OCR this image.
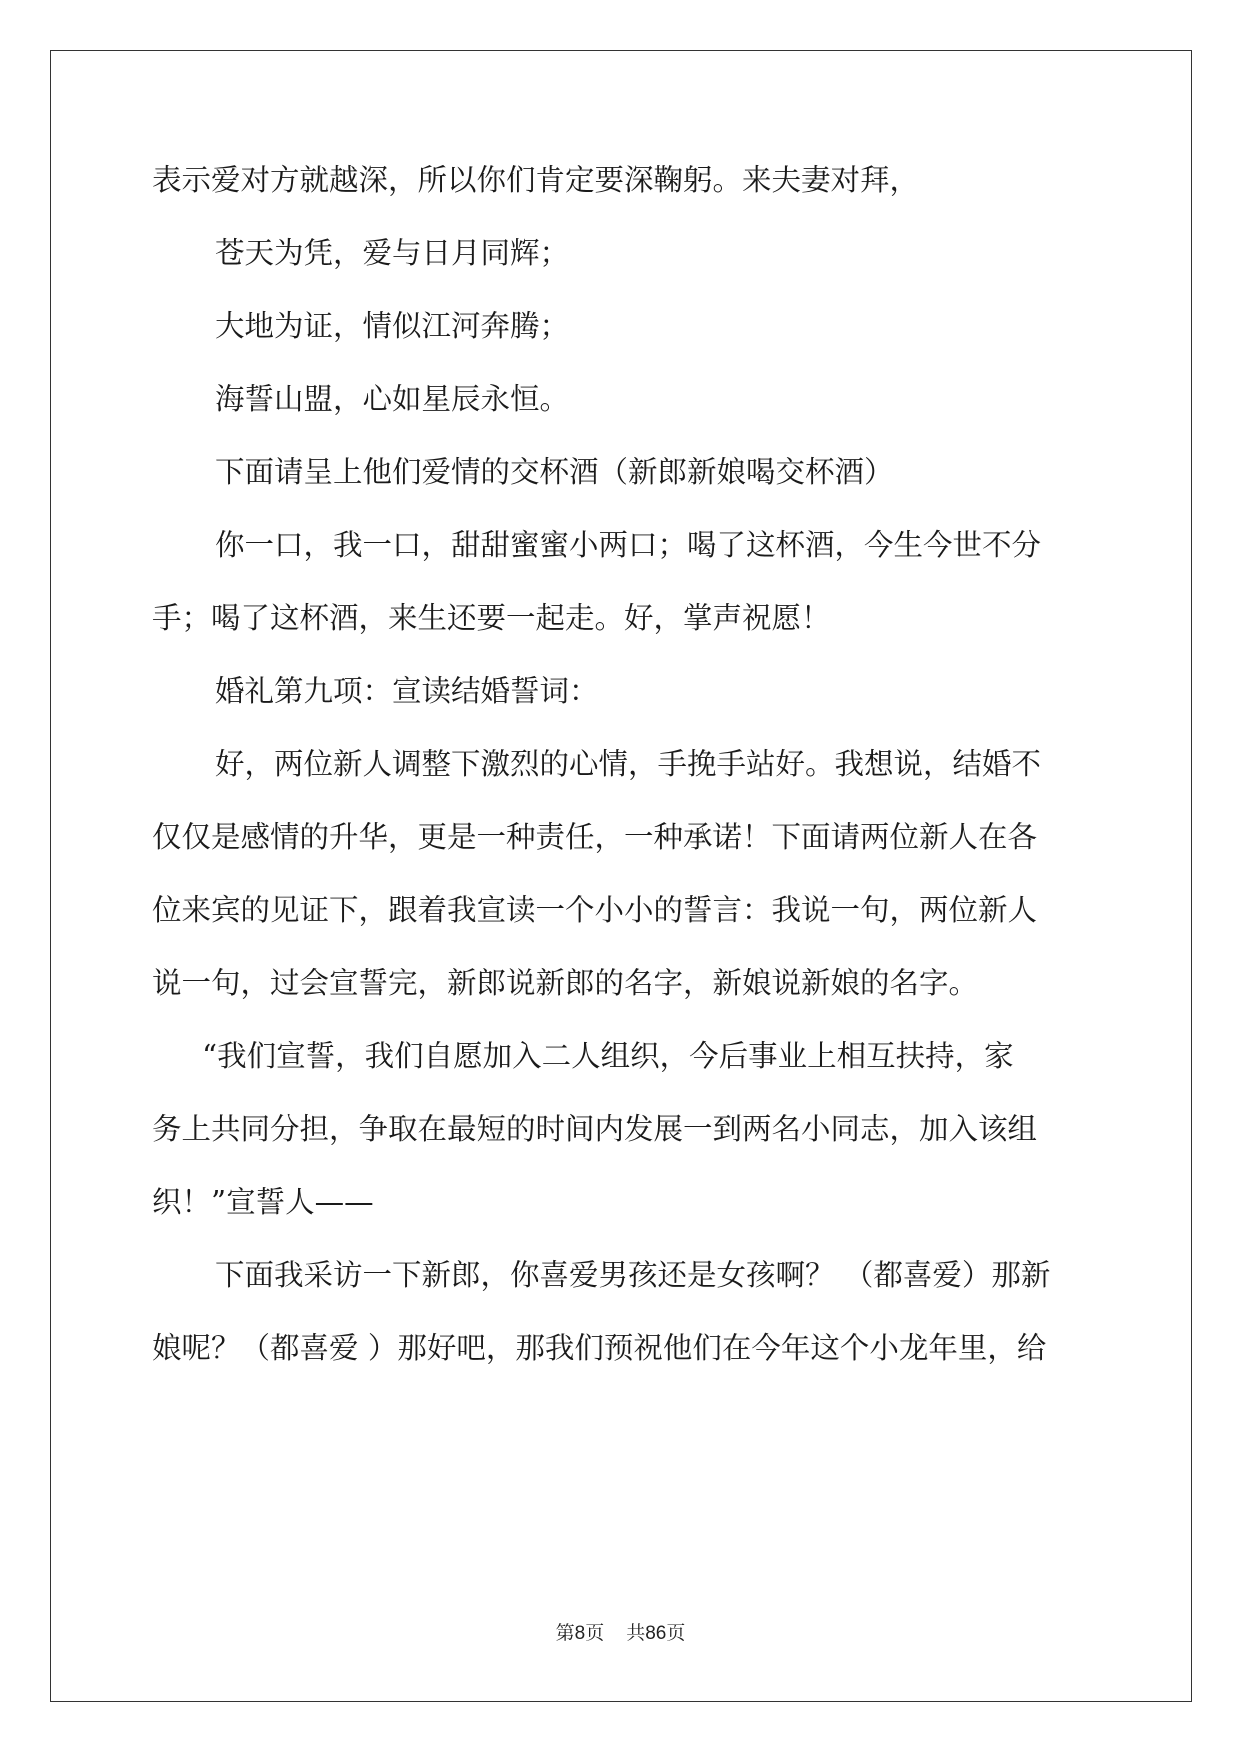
表示爱对方就越深，所以你们肯定要深鞠躬。来夫妻对拜，
苍天为凭，爱与日月同辉；
大地为证，情似江河奔腾；
海誓山盟，心如星辰永恒。
下面请呈上他们爱情的交杯酒（新郎新娘喝交杯酒）
你一口，我一口，甜甜蜜蜜小两口；喝了这杯酒，今生今世不分
手；喝了这杯酒，来生还要一起走。好，掌声祝愿！
婚礼第九项：宣读结婚誓词：
好，两位新人调整下激烈的心情，手挽手站好。我想说，结婚不
仅仅是感情的升华，更是一种责任，一种承诺！下面请两位新人在各
位来宾的见证下，跟着我宣读一个小小的誓言：我说一句，两位新人
说一句，过会宣誓完，新郎说新郎的名字，新娘说新娘的名字。
“我们宣誓，我们自愿加入二人组织，今后事业上相互扶持，家
务上共同分担，争取在最短的时间内发展一到两名小同志，加入该组
织！”宣誓人——
下面我采访一下新郎，你喜爱男孩还是女孩啊？ （都喜爱）那新
娘呢？（都喜爱 ）那好吧，那我们预祝他们在今年这个小龙年里，给
第8页 共86页
